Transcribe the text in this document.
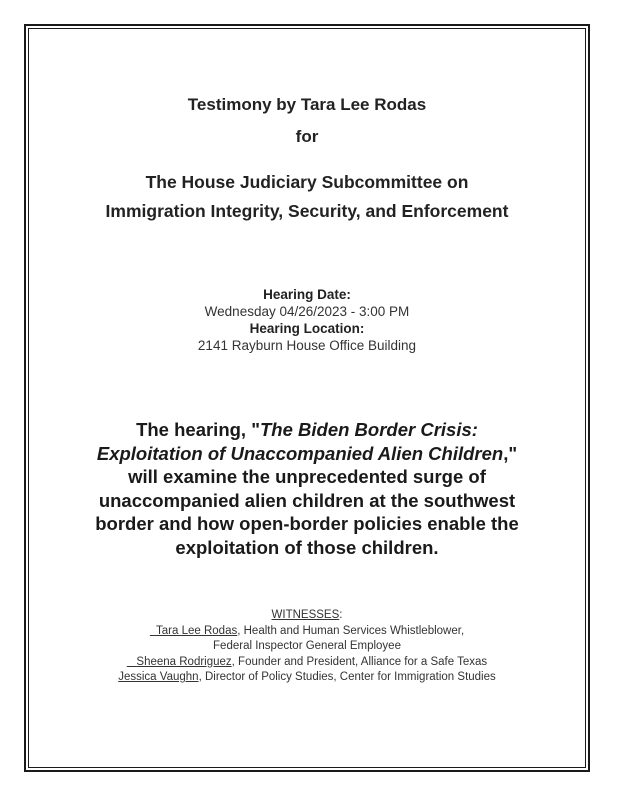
Testimony by Tara Lee Rodas
for
The House Judiciary Subcommittee on
Immigration Integrity, Security, and Enforcement
Hearing Date:
Wednesday 04/26/2023 - 3:00 PM
Hearing Location:
2141 Rayburn House Office Building
The hearing, "The Biden Border Crisis:
Exploitation of Unaccompanied Alien Children,"
will examine the unprecedented surge of
unaccompanied alien children at the southwest
border and how open-border policies enable the
exploitation of those children.
WITNESSES:
Tara Lee Rodas, Health and Human Services Whistleblower,
Federal Inspector General Employee
Sheena Rodriguez, Founder and President, Alliance for a Safe Texas
Jessica Vaughn, Director of Policy Studies, Center for Immigration Studies
